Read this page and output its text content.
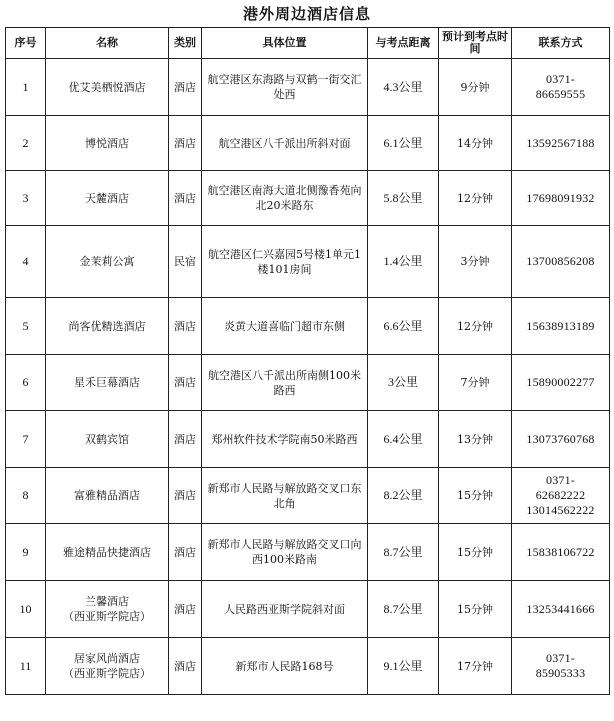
港外周边酒店信息
序号	名称	类别	具体位置	与考点距离	预计到考点时间	联系方式
1	优艾美栖悦酒店	酒店	航空港区东海路与双鹤一街交汇处西	4.3公里	9分钟	0371-
86659555

2	博悦酒店	酒店	航空港区八千派出所斜对面	6.1公里	14分钟	13592567188

3	天麓酒店	酒店	航空港区南海大道北侧豫香苑向北20米路东	5.8公里	12分钟	17698091932

4	金茉莉公寓	民宿	航空港区仁兴嘉园5号楼1单元1楼101房间	1.4公里	3分钟	13700856208

5	尚客优精选酒店	酒店	炎黄大道喜临门超市东侧	6.6公里	12分钟	15638913189

6	星禾巨幕酒店	酒店	航空港区八千派出所南侧100米路西	3公里	7分钟	15890002277

7	双鹤宾馆	酒店	郑州软件技术学院南50米路西	6.4公里	13分钟	13073760768

8	富雅精品酒店	酒店	新郑市人民路与解放路交叉口东北角	8.2公里	15分钟	0371-
62682222
13014562222

9	雅途精品快捷酒店	酒店	新郑市人民路与解放路交叉口向西100米路南	8.7公里	15分钟	15838106722

10	兰馨酒店
（西亚斯学院店）	酒店	人民路西亚斯学院斜对面	8.7公里	15分钟	13253441666

11	居家风尚酒店
（西亚斯学院店）	酒店	新郑市人民路168号	9.1公里	17分钟	0371-
85905333
